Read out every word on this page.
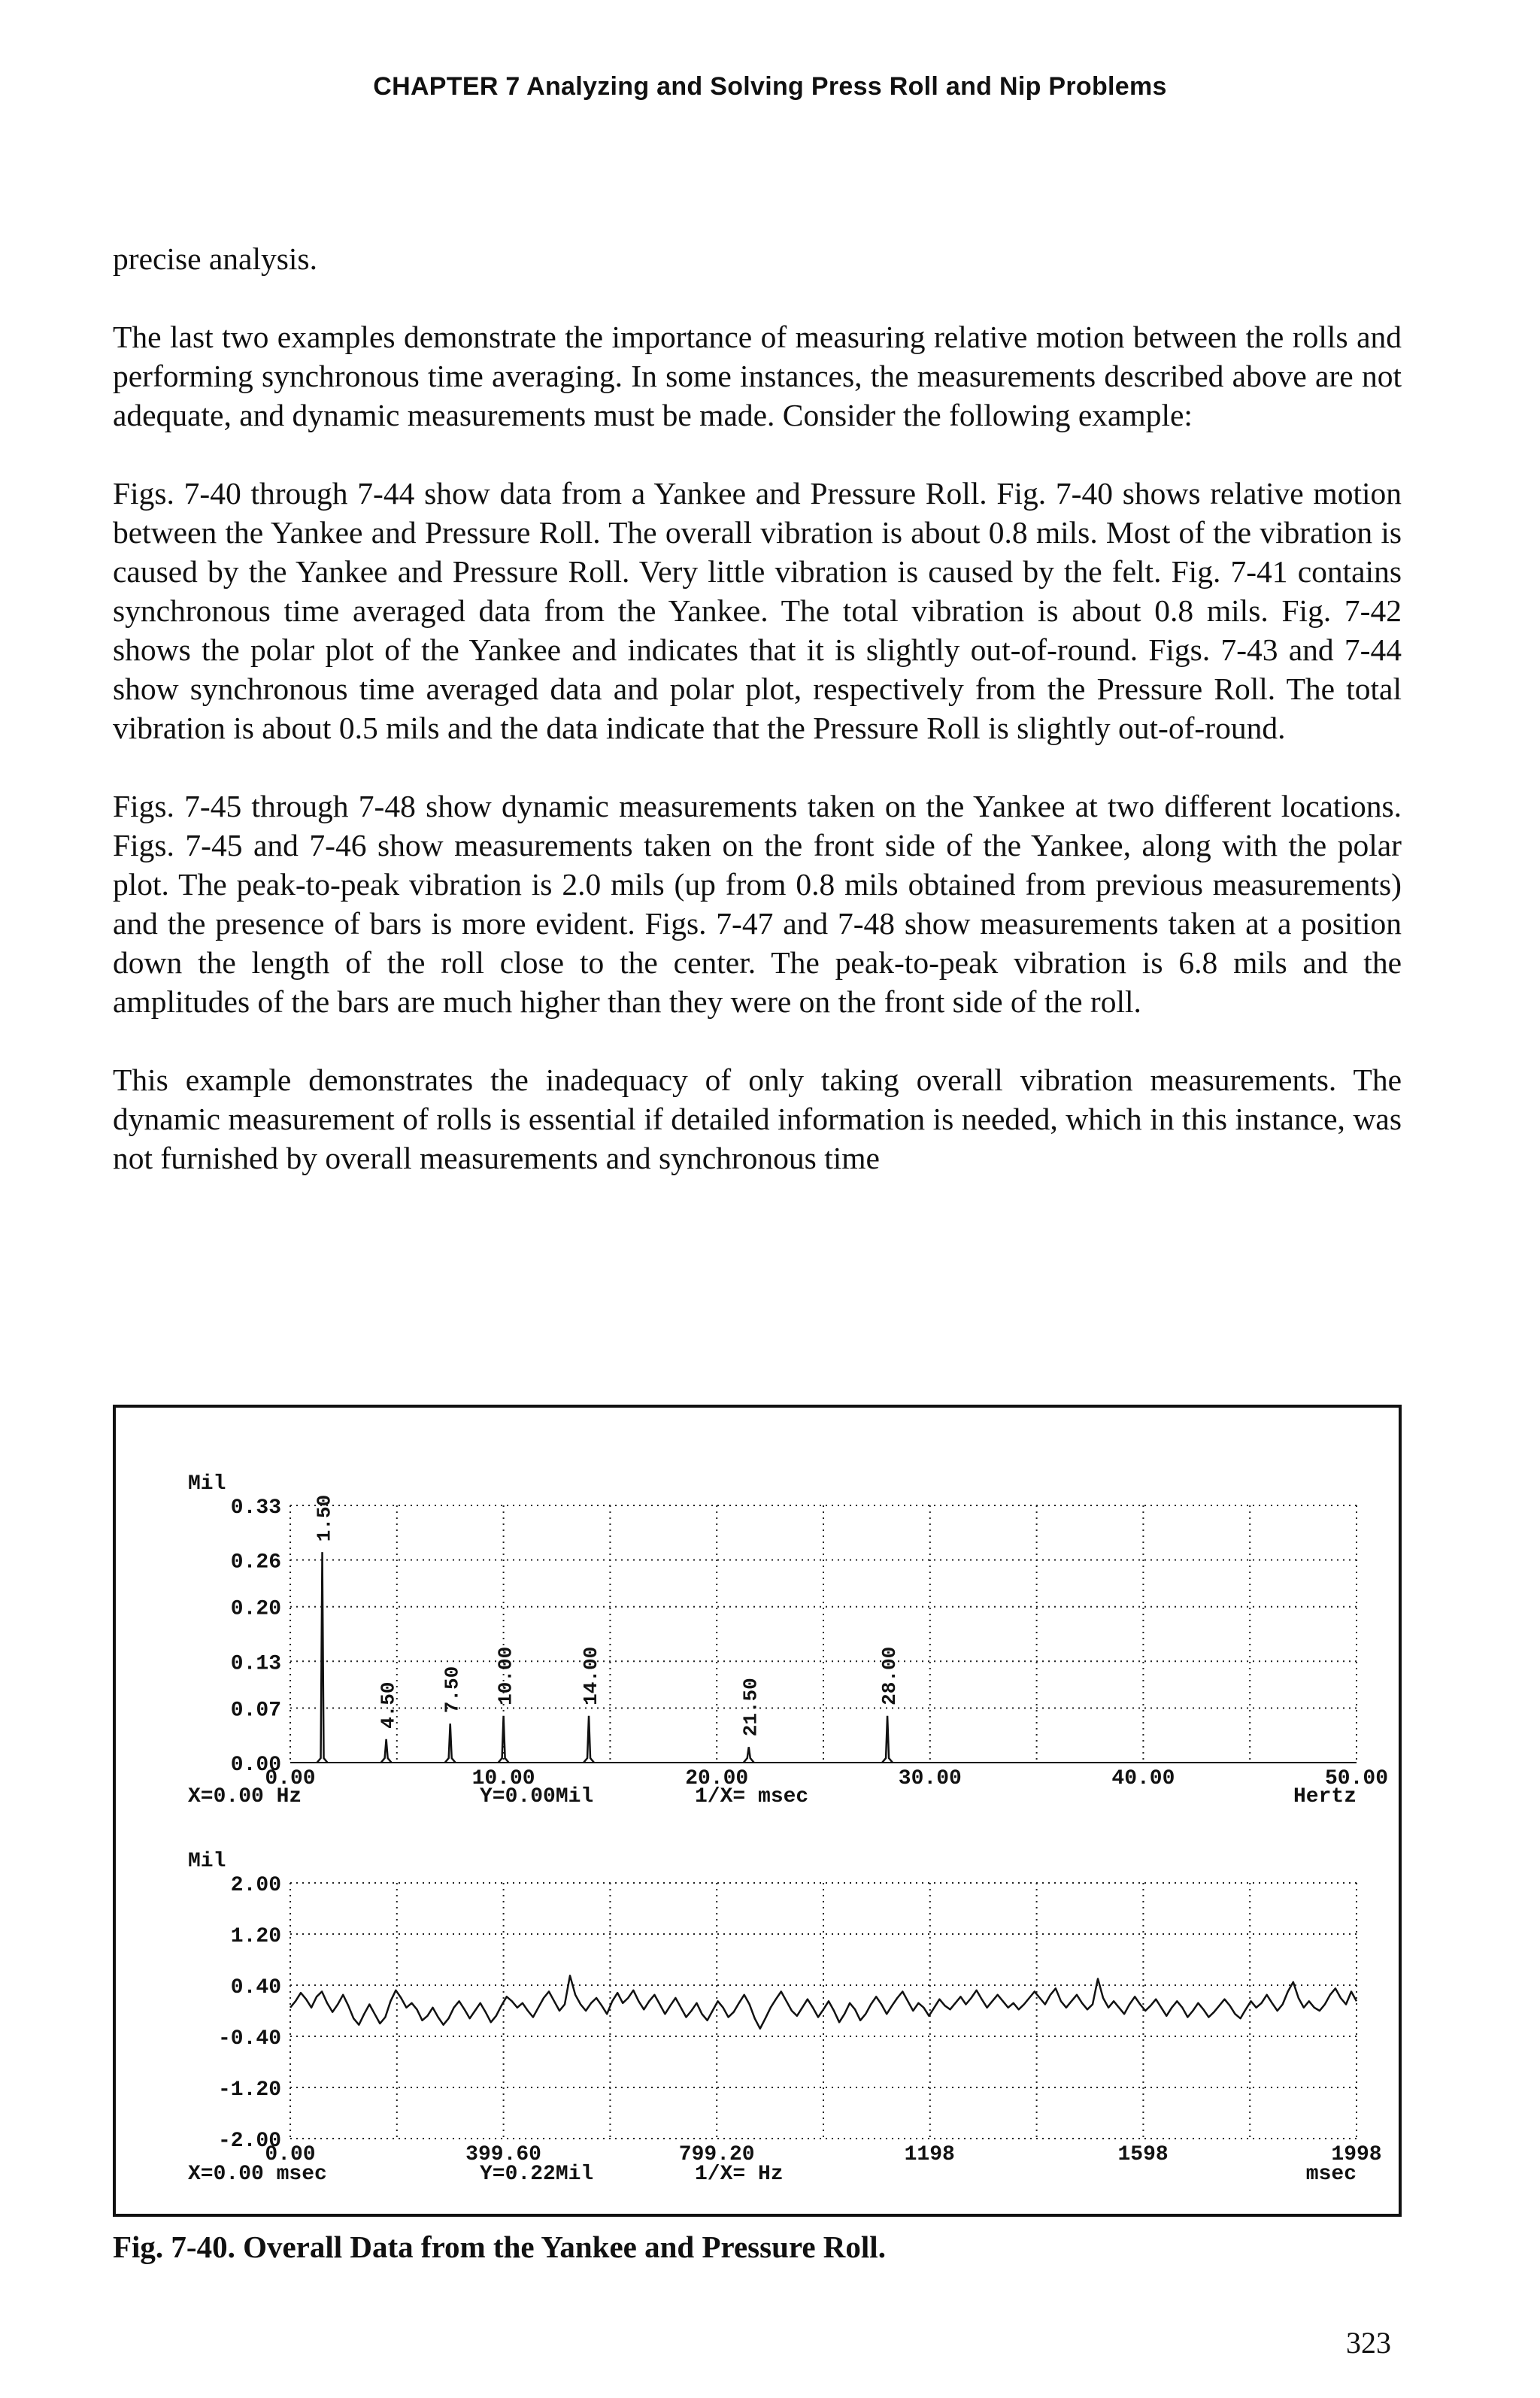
CHAPTER 7 Analyzing and Solving Press Roll and Nip Problems

precise analysis.

The last two examples demonstrate the importance of measuring relative motion between the rolls and performing synchronous time averaging. In some instances, the measurements described above are not adequate, and dynamic measurements must be made. Consider the following example:

Figs. 7-40 through 7-44 show data from a Yankee and Pressure Roll. Fig. 7-40 shows relative motion between the Yankee and Pressure Roll. The overall vibration is about 0.8 mils. Most of the vibration is caused by the Yankee and Pressure Roll. Very little vibration is caused by the felt. Fig. 7-41 contains synchronous time averaged data from the Yankee. The total vibration is about 0.8 mils. Fig. 7-42 shows the polar plot of the Yankee and indicates that it is slightly out-of-round. Figs. 7-43 and 7-44 show synchronous time averaged data and polar plot, respectively from the Pressure Roll. The total vibration is about 0.5 mils and the data indicate that the Pressure Roll is slightly out-of-round.

Figs. 7-45 through 7-48 show dynamic measurements taken on the Yankee at two different locations. Figs. 7-45 and 7-46 show measurements taken on the front side of the Yankee, along with the polar plot. The peak-to-peak vibration is 2.0 mils (up from 0.8 mils obtained from previous measurements) and the presence of bars is more evident. Figs. 7-47 and 7-48 show measurements taken at a position down the length of the roll close to the center. The peak-to-peak vibration is 6.8 mils and the amplitudes of the bars are much higher than they were on the front side of the roll.

This example demonstrates the inadequacy of only taking overall vibration measurements. The dynamic measurement of rolls is essential if detailed information is needed, which in this instance, was not furnished by overall measurements and synchronous time

Mil
0.33
0.26
0.20
0.13
0.07
0.00
0.00	10.00	20.00	30.00	40.00	50.00
1.50
4.50 7.50 10.00	14.00
21.50
28.00
Mil
2.00
1.20
0.40
-0.40
-1.20
-2.00
0.00	399.60	799.20	1198	1598	1998
X=0.00 Hz	Y=0.00Mil	1/X= msec	Hertz
X=0.00 msec	Y=0.22Mil	1/X= Hz	msec
Fig. 7-40. Overall Data from the Yankee and Pressure Roll.
323
